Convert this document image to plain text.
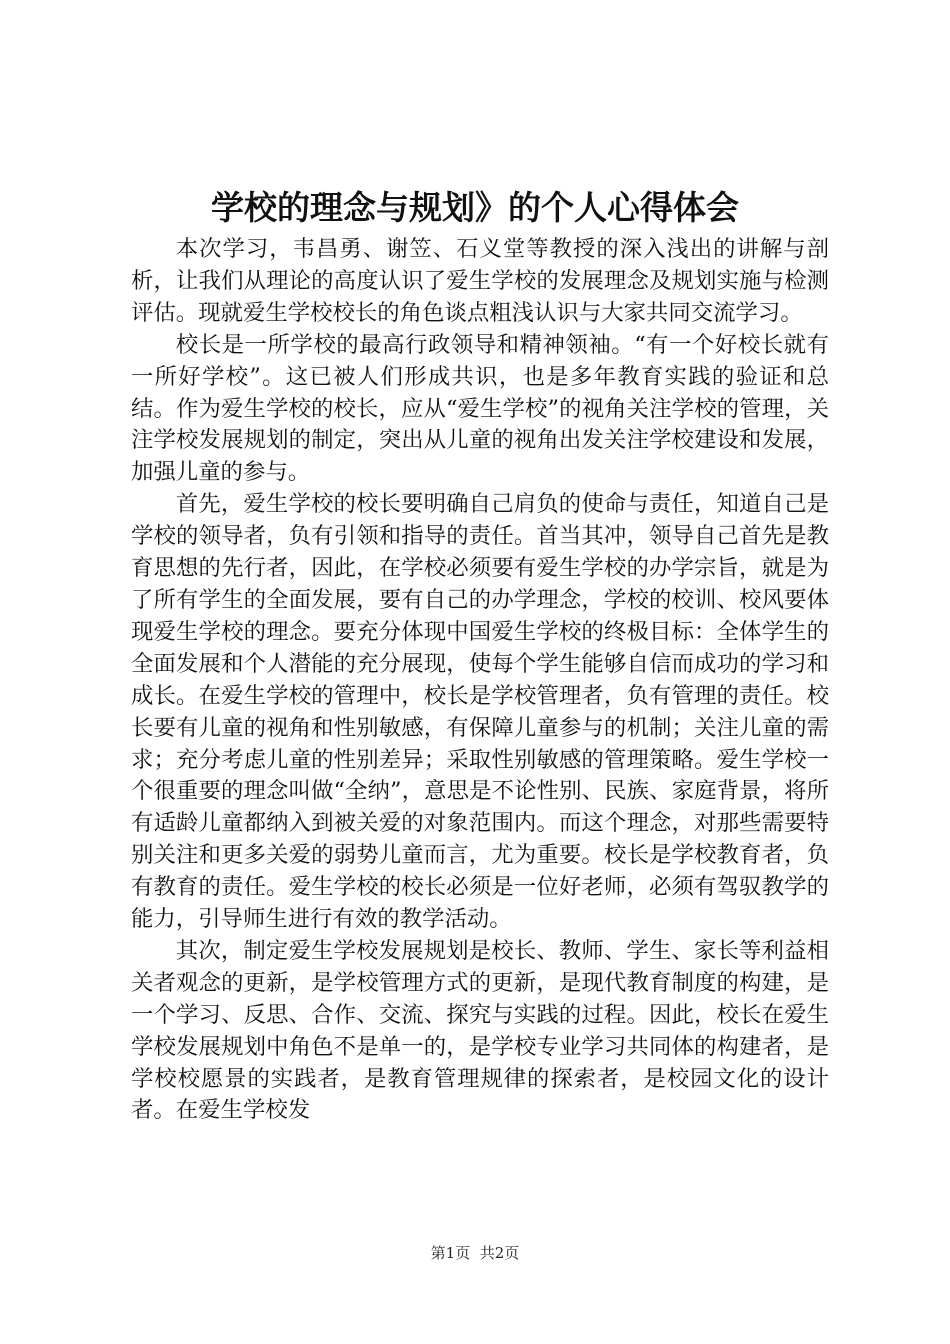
学校的理念与规划》的个人心得体会

本次学习，韦昌勇、谢笠、石义堂等教授的深入浅出的讲解与剖析，让我们从理论的高度认识了爱生学校的发展理念及规划实施与检测评估。现就爱生学校校长的角色谈点粗浅认识与大家共同交流学习。

校长是一所学校的最高行政领导和精神领袖。“有一个好校长就有一所好学校”。这已被人们形成共识，也是多年教育实践的验证和总结。作为爱生学校的校长，应从“爱生学校”的视角关注学校的管理，关注学校发展规划的制定，突出从儿童的视角出发关注学校建设和发展，加强儿童的参与。

首先，爱生学校的校长要明确自己肩负的使命与责任，知道自己是学校的领导者，负有引领和指导的责任。首当其冲，领导自己首先是教育思想的先行者，因此，在学校必须要有爱生学校的办学宗旨，就是为了所有学生的全面发展，要有自己的办学理念，学校的校训、校风要体现爱生学校的理念。要充分体现中国爱生学校的终极目标：全体学生的全面发展和个人潜能的充分展现，使每个学生能够自信而成功的学习和成长。在爱生学校的管理中，校长是学校管理者，负有管理的责任。校长要有儿童的视角和性别敏感，有保障儿童参与的机制；关注儿童的需求；充分考虑儿童的性别差异；采取性别敏感的管理策略。爱生学校一个很重要的理念叫做“全纳”，意思是不论性别、民族、家庭背景，将所有适龄儿童都纳入到被关爱的对象范围内。而这个理念，对那些需要特别关注和更多关爱的弱势儿童而言，尤为重要。校长是学校教育者，负有教育的责任。爱生学校的校长必须是一位好老师，必须有驾驭教学的能力，引导师生进行有效的教学活动。

其次，制定爱生学校发展规划是校长、教师、学生、家长等利益相关者观念的更新，是学校管理方式的更新，是现代教育制度的构建，是一个学习、反思、合作、交流、探究与实践的过程。因此，校长在爱生学校发展规划中角色不是单一的，是学校专业学习共同体的构建者，是学校校愿景的实践者，是教育管理规律的探索者，是校园文化的设计者。在爱生学校发

第1页 共2页
